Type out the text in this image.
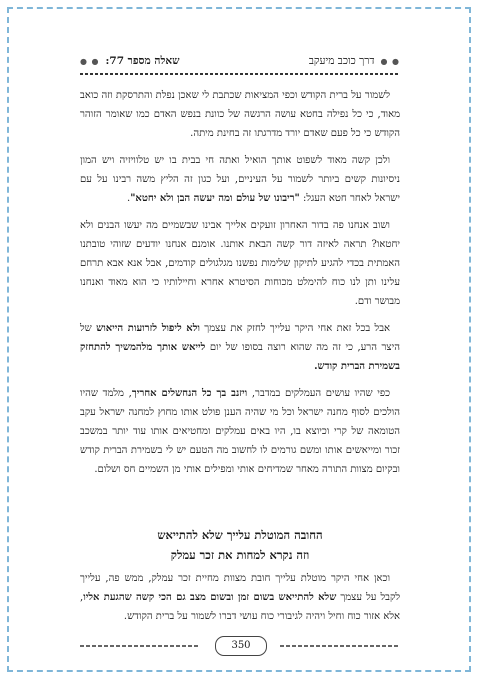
● ●
דרך כוכב מיעקב
שאלה מספר 77:
● ●

לשמור על ברית הקודש וכפי המציאות שכתבת לי שאכן נפלת והתרסקת וזה כואב מאוד, כי כל נפילה בחטא עושה הרגשה של כוונת בנפש האדם כמו שאומר הזוהר הקודש כי כל פעם שאדם יורד מדרגתו זה בחינת מיתה.

ולכן קשה מאוד לשפוט אותך הואיל ואתה חי בבית בו יש טלוויזיה ויש המון ניסיונות קשים ביותר לשמור על העיניים, ועל כגון זה הליץ משה רבינו על עם ישראל לאחר חטא העגל: "ריבונו של עולם ומה יעשה הבן ולא יחטא".

ושוב אנחנו פה בדור האחרון זועקים אלייך אבינו שבשמיים מה יעשו הבנים ולא יחטאו? תראה לאיזה דור קשה הבאת אותנו. אומנם אנחנו יודעים שזוהי טובתנו האמתית בכדי להגיע לתיקון שלימות נפשנו מגלגולים קודמים, אבל אנא אבא תרחם עלינו ותן לנו כוח להימלט מכוחות הסיטרא אחרא וחיילותיו כי הוא מאוד ואנחנו מבושר ודם.

אבל בכל זאת אחי היקר עלייך לחזק את עצמך ולא ליפול לזרועות הייאוש של היצר הרע, כי זה מה שהוא רוצה בסופו של יום לייאש אותך מלהמשיך להתחזק בשמירת הברית קודש.

כפי שהיו עושים העמלקים במדבר, ויזנב בך כל הנחשלים אחריך, מלמד שהיו הולכים לסוף מחנה ישראל וכל מי שהיה הענן פולט אותו מחוץ למחנה ישראל עקב הטומאה של קרי וכיוצא בו, היו באים עמלקים ומחטיאים אותו עוד יותר במשכב זכור ומייאשים אותו ומשם גורמים לו לחשוב מה הטעם יש לי בשמירת הברית קודש ובקיום מצוות התורה מאחר שמדיחים אותי ומפילים אותי מן השמיים חס ושלום.

החובה המוטלת עלייך שלא להתייאש
וזה נקרא למחות את זכר עמלק

וכאן אחי היקר מוטלת עלייך חובת מצוות מחיית זכר עמלק, ממש פה, עלייך לקבל על עצמך שלא להתייאש בשום זמן ובשום מצב גם הכי קשה שהגעת אליו, אלא אזור כוח וחיל ויהיה לגיבורי כוח עושי דברו לשמור על ברית הקודש.

350
